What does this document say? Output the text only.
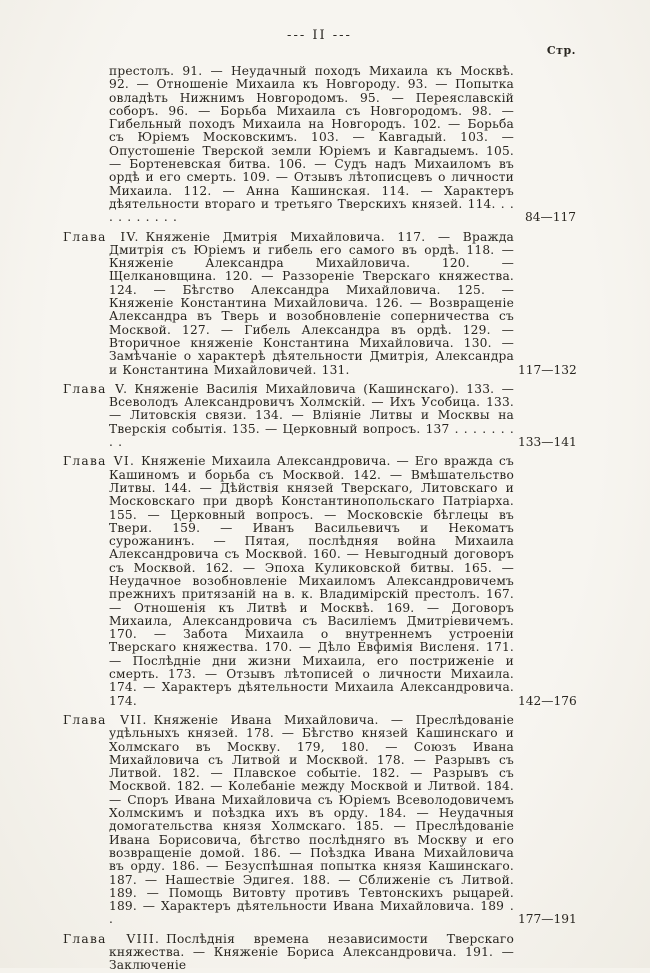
--- II ---
Стр.
престолъ. 91. — Неудачный походъ Михаила къ Москвѣ. 92. — Отношеніе Михаила къ Новгороду. 93. — Попытка овладѣть Нижнимъ Новгородомъ. 95. — Переяславскій соборъ. 96. — Борьба Михаила съ Новгородомъ. 98. — Гибельный походъ Михаила на Новгородъ. 102. — Борьба съ Юріемъ Московскимъ. 103. — Кавгадый. 103. — Опустошеніе Тверской земли Юріемъ и Кавгадыемъ. 105. — Бортеневская битва. 106. — Судъ надъ Михаиломъ въ ордѣ и его смерть. 109. — Отзывъ лѣтописцевъ о личности Михаила. 112. — Анна Кашинская. 114. — Характеръ дѣятельности втораго и третьяго Тверскихъ князей. 114. . . . . . . . . . .	84—117
Глава IV. Княженіе Дмитрія Михайловича. 117. — Вражда Дмитрія съ Юріемъ и гибель его самого въ ордѣ. 118. — Княженіе Александра Михайловича. 120. — Щелкановщина. 120. — Раззореніе Тверскаго княжества. 124. — Бѣгство Александра Михайловича. 125. — Княженіе Константина Михайловича. 126. — Возвращеніе Александра въ Тверь и возобновленіе соперничества съ Москвой. 127. — Гибель Александра въ ордѣ. 129. — Вторичное княженіе Константина Михайловича. 130. — Замѣчаніе о характерѣ дѣятельности Дмитрія, Александра и Константина Михайловичей. 131.	117—132
Глава V. Княженіе Василія Михайловича (Кашинскаго). 133. — Всеволодъ Александровичъ Холмскій. — Ихъ Усобица. 133. — Литовскія связи. 134. — Вліяніе Литвы и Москвы на Тверскія событія. 135. — Церковный вопросъ. 137 . . . . . . . . .	133—141
Глава VI. Княженіе Михаила Александровича. — Его вражда съ Кашиномъ и борьба съ Москвой. 142. — Вмѣшательство Литвы. 144. — Дѣйствія князей Тверскаго, Литовскаго и Московскаго при дворѣ Константинопольскаго Патріарха. 155. — Церковный вопросъ. — Московскіе бѣглецы въ Твери. 159. — Иванъ Васильевичъ и Некоматъ сурожанинъ. — Пятая, послѣдняя война Михаила Александровича съ Москвой. 160. — Невыгодный договоръ съ Москвой. 162. — Эпоха Куликовской битвы. 165. — Неудачное возобновленіе Михаиломъ Александровичемъ прежнихъ притязаній на в. к. Владимірскій престолъ. 167. — Отношенія къ Литвѣ и Москвѣ. 169. — Договоръ Михаила, Александровича съ Василіемъ Дмитріевичемъ. 170. — Забота Михаила о внутреннемъ устроеніи Тверскаго княжества. 170. — Дѣло Евфимія Висленя. 171. — Послѣдніе дни жизни Михаила, его постриженіе и смерть. 173. — Отзывъ лѣтописей о личности Михаила. 174. — Характеръ дѣятельности Михаила Александровича. 174.	142—176
Глава VII. Княженіе Ивана Михайловича. — Преслѣдованіе удѣльныхъ князей. 178. — Бѣгство князей Кашинскаго и Холмскаго въ Москву. 179, 180. — Союзъ Ивана Михайловича съ Литвой и Москвой. 178. — Разрывъ съ Литвой. 182. — Плавское событіе. 182. — Разрывъ съ Москвой. 182. — Колебаніе между Москвой и Литвой. 184. — Споръ Ивана Михайловича съ Юріемъ Всеволодовичемъ Холмскимъ и поѣздка ихъ въ орду. 184. — Неудачныя домогательства князя Холмскаго. 185. — Преслѣдованіе Ивана Борисовича, бѣгство послѣдняго въ Москву и его возвращеніе домой. 186. — Поѣздка Ивана Михайловича въ орду. 186. — Безуспѣшная попытка князя Кашинскаго. 187. — Нашествіе Эдигея. 188. — Сближеніе съ Литвой. 189. — Помощь Витовту противъ Тевтонскихъ рыцарей. 189. — Характеръ дѣятельности Ивана Михайловича. 189 . .	177—191
Глава VIII. Послѣднія времена независимости Тверскаго княжества. — Княженіе Бориса Александровича. 191. — Заключеніе
